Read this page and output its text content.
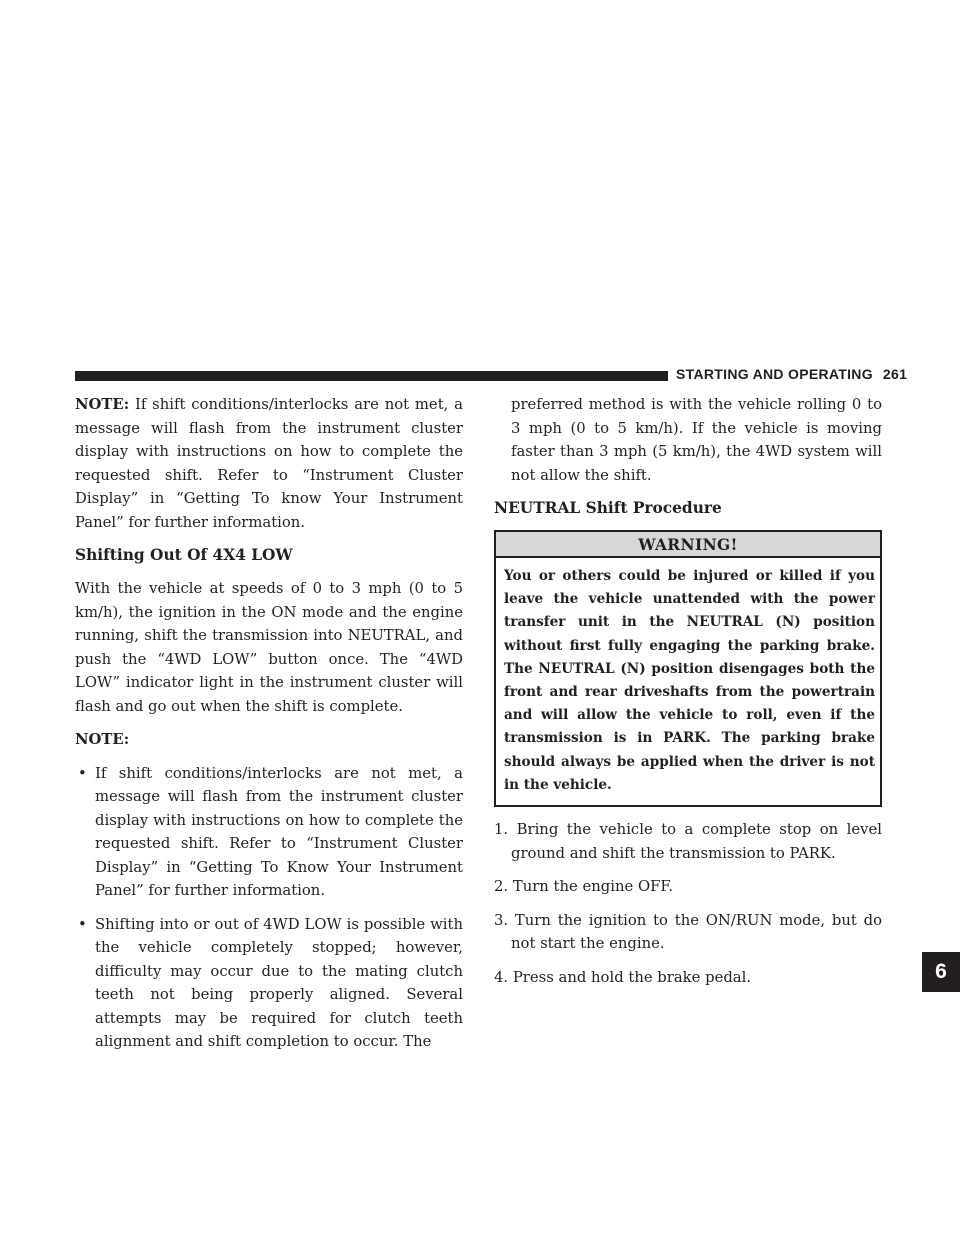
STARTING AND OPERATING 261
6

NOTE: If shift conditions/interlocks are not met, a message will flash from the instrument cluster display with instructions on how to complete the requested shift. Refer to “Instrument Cluster Display” in “Getting To know Your Instrument Panel” for further information.

Shifting Out Of 4X4 LOW

With the vehicle at speeds of 0 to 3 mph (0 to 5 km/h), the ignition in the ON mode and the engine running, shift the transmission into NEUTRAL, and push the “4WD LOW” button once. The “4WD LOW” indicator light in the instrument cluster will flash and go out when the shift is complete.

NOTE:

• If shift conditions/interlocks are not met, a message will flash from the instrument cluster display with instructions on how to complete the requested shift. Refer to “Instrument Cluster Display” in “Getting To Know Your Instrument Panel” for further information.
• Shifting into or out of 4WD LOW is possible with the vehicle completely stopped; however, difficulty may occur due to the mating clutch teeth not being properly aligned. Several attempts may be required for clutch teeth alignment and shift completion to occur. The

preferred method is with the vehicle rolling 0 to 3 mph (0 to 5 km/h). If the vehicle is moving faster than 3 mph (5 km/h), the 4WD system will not allow the shift.

NEUTRAL Shift Procedure
WARNING!
You or others could be injured or killed if you leave the vehicle unattended with the power transfer unit in the NEUTRAL (N) position without first fully engaging the parking brake. The NEUTRAL (N) position disengages both the front and rear driveshafts from the powertrain and will allow the vehicle to roll, even if the transmission is in PARK. The parking brake should always be applied when the driver is not in the vehicle.
1. Bring the vehicle to a complete stop on level ground and shift the transmission to PARK.
2. Turn the engine OFF.
3. Turn the ignition to the ON/RUN mode, but do not start the engine.
4. Press and hold the brake pedal.
